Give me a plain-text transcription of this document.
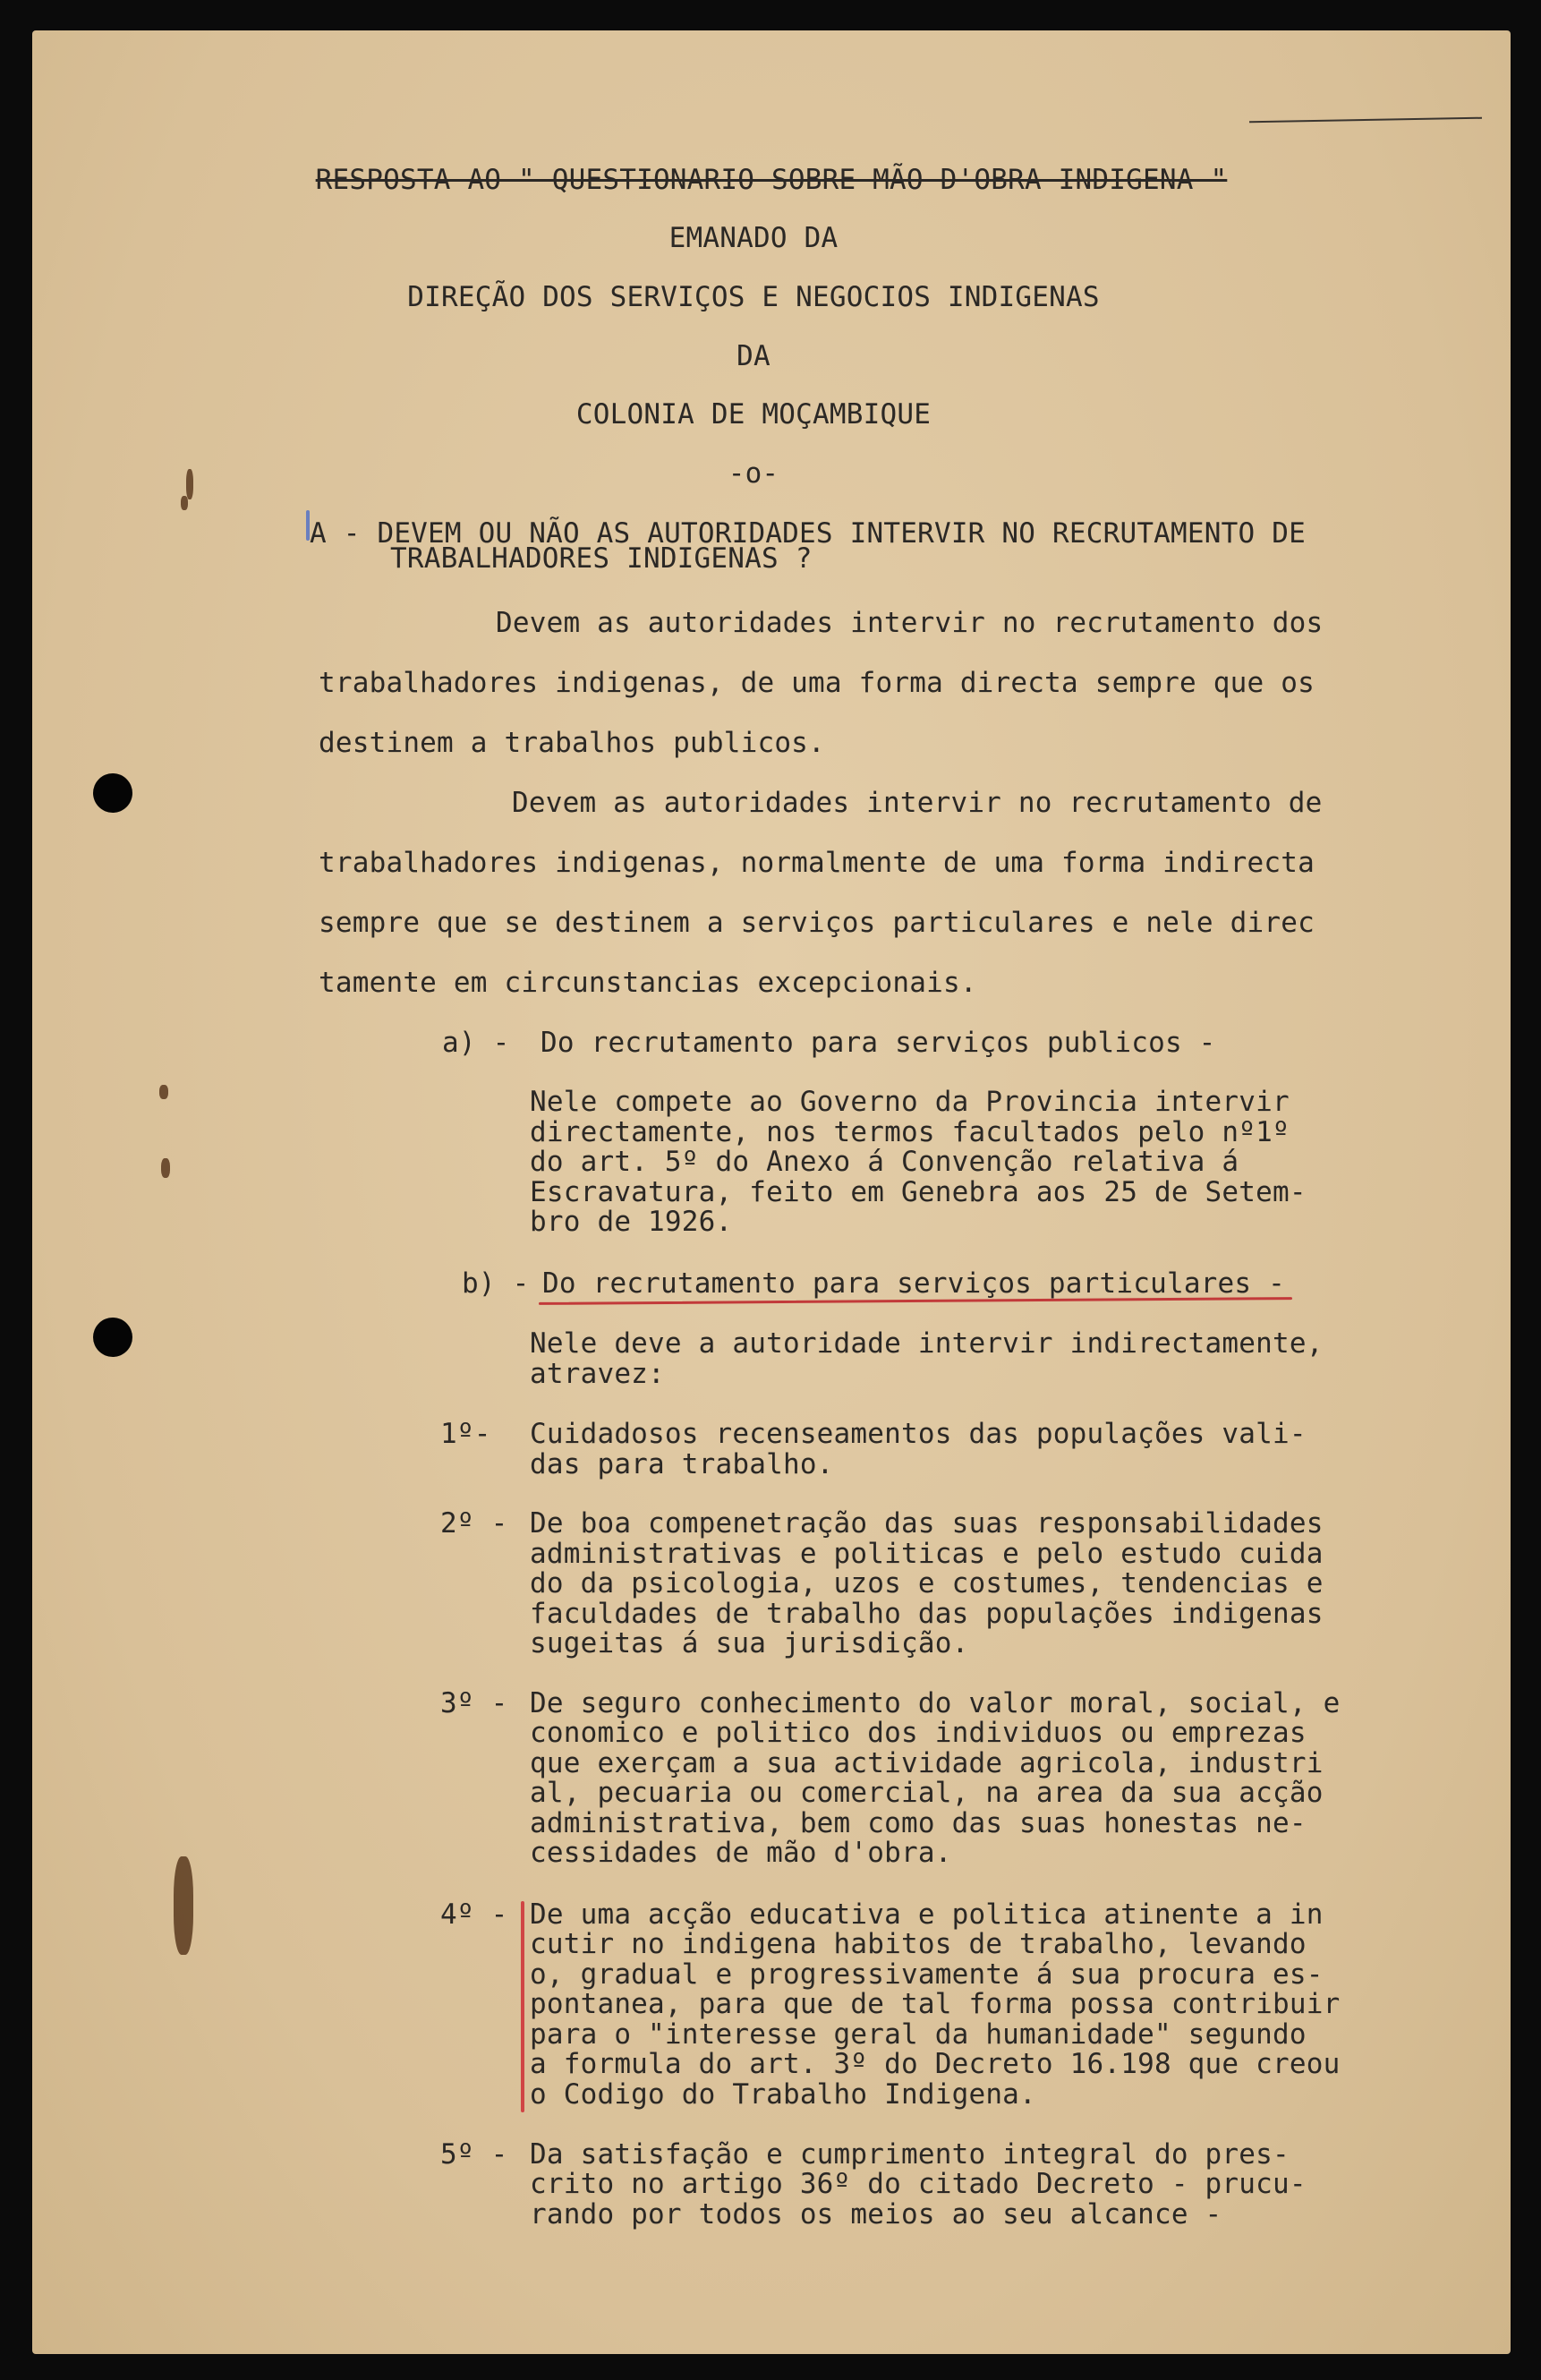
RESPOSTA AO " QUESTIONARIO SOBRE MÃO D'OBRA INDIGENA "

EMANADO DA

DIREÇÃO DOS SERVIÇOS E NEGOCIOS INDIGENAS

DA

COLONIA DE MOÇAMBIQUE

-o-

A - DEVEM OU NÃO AS AUTORIDADES INTERVIR NO RECRUTAMENTO DE

TRABALHADORES INDIGENAS ?

Devem as autoridades intervir no recrutamento dos

trabalhadores indigenas, de uma forma directa sempre que os

destinem a trabalhos publicos.

Devem as autoridades intervir no recrutamento de

trabalhadores indigenas, normalmente de uma forma indirecta

sempre que se destinem a serviços particulares e nele direc

tamente em circunstancias excepcionais.

a) - Do recrutamento para serviços publicos -

Nele compete ao Governo da Provincia intervir

directamente, nos termos facultados pelo nº1º

do art. 5º do Anexo á Convenção relativa á

Escravatura, feito em Genebra aos 25 de Setem-

bro de 1926.

b) - Do recrutamento para serviços particulares -

Nele deve a autoridade intervir indirectamente,

atravez:

1º- Cuidadosos recenseamentos das populações vali-

das para trabalho.

2º - De boa compenetração das suas responsabilidades

administrativas e politicas e pelo estudo cuida

do da psicologia, uzos e costumes, tendencias e

faculdades de trabalho das populações indigenas

sugeitas á sua jurisdição.

3º - De seguro conhecimento do valor moral, social, e

conomico e politico dos individuos ou emprezas

que exerçam a sua actividade agricola, industri

al, pecuaria ou comercial, na area da sua acção

administrativa, bem como das suas honestas ne-

cessidades de mão d'obra.

4º - De uma acção educativa e politica atinente a in

cutir no indigena habitos de trabalho, levando

o, gradual e progressivamente á sua procura es-

pontanea, para que de tal forma possa contribuir

para o "interesse geral da humanidade" segundo

a formula do art. 3º do Decreto 16.198 que creou

o Codigo do Trabalho Indigena.

5º - Da satisfação e cumprimento integral do pres-

crito no artigo 36º do citado Decreto - prucu-

rando por todos os meios ao seu alcance -
